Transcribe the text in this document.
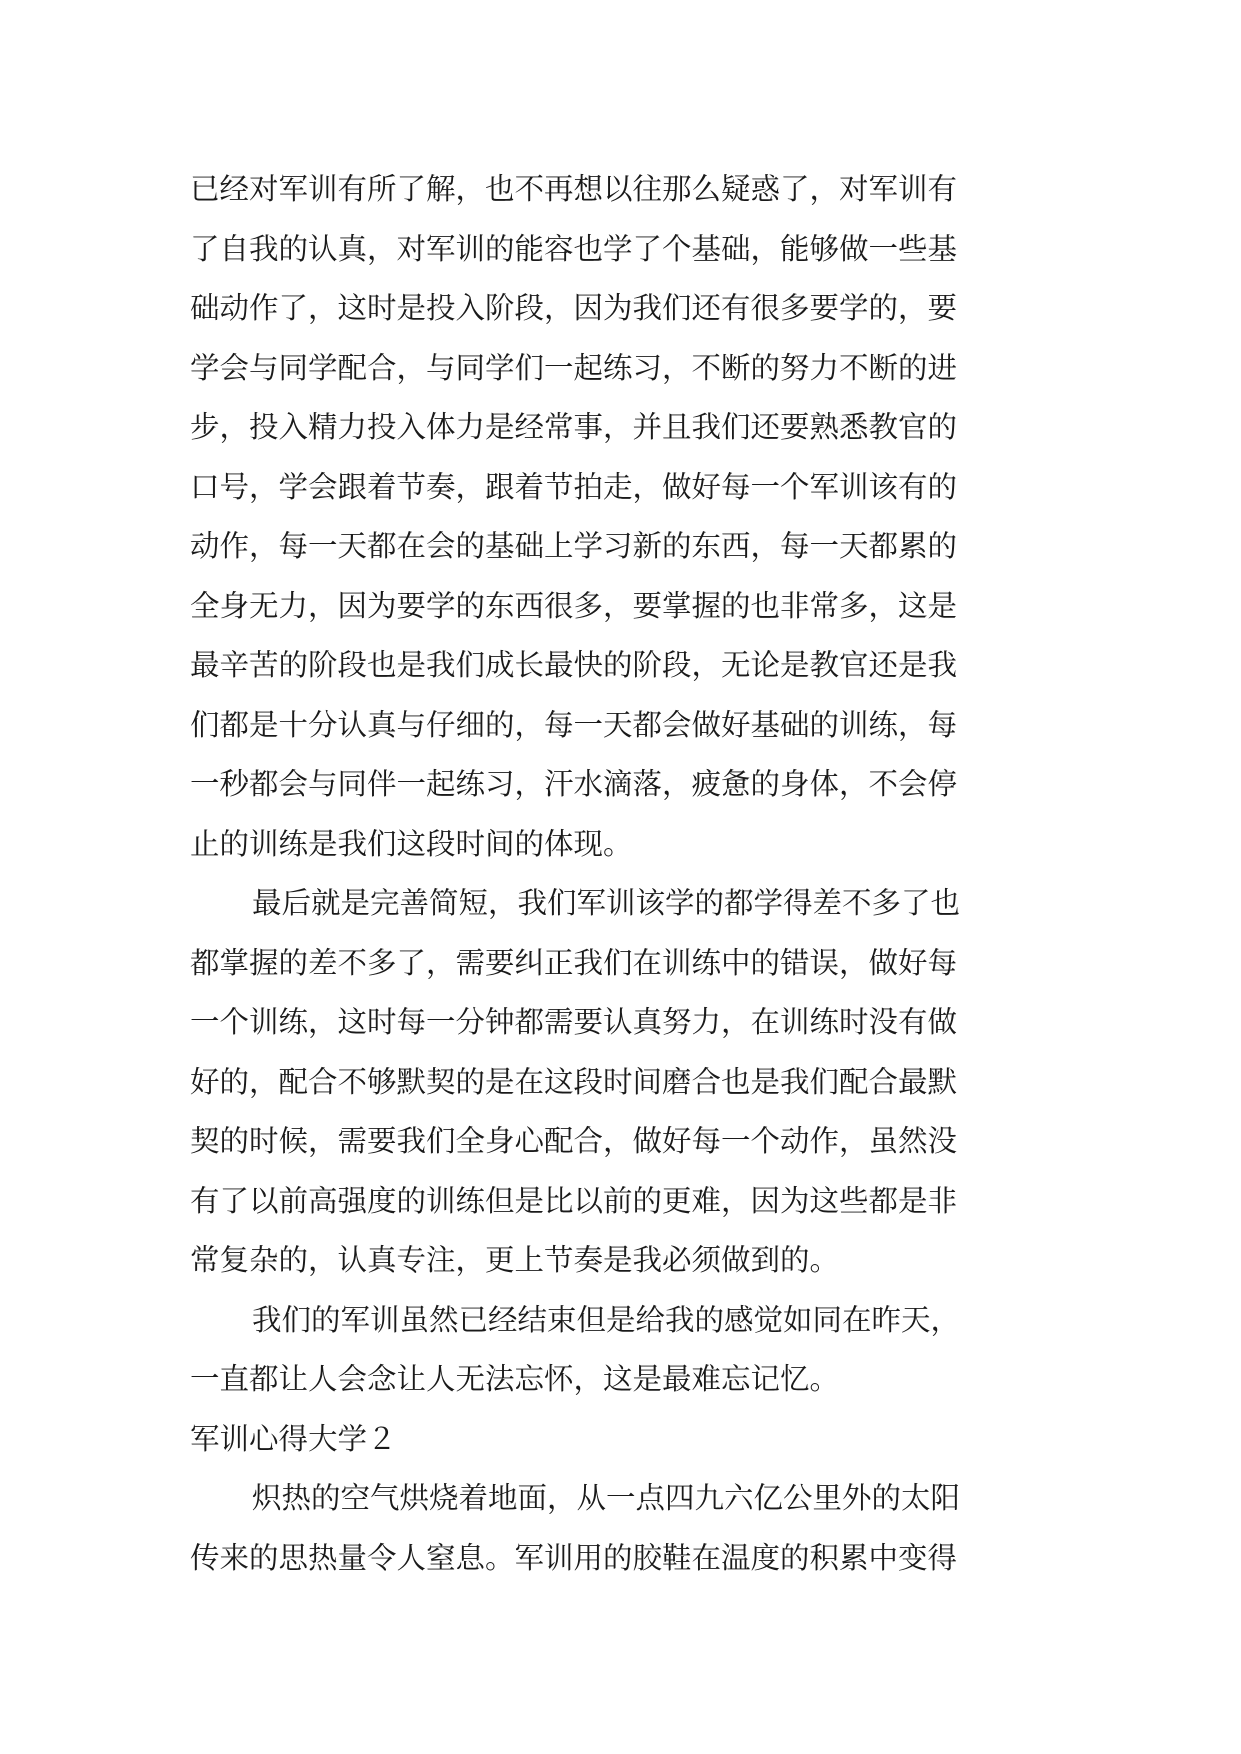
已经对军训有所了解，也不再想以往那么疑惑了，对军训有
了自我的认真，对军训的能容也学了个基础，能够做一些基
础动作了，这时是投入阶段，因为我们还有很多要学的，要
学会与同学配合，与同学们一起练习，不断的努力不断的进
步，投入精力投入体力是经常事，并且我们还要熟悉教官的
口号，学会跟着节奏，跟着节拍走，做好每一个军训该有的
动作，每一天都在会的基础上学习新的东西，每一天都累的
全身无力，因为要学的东西很多，要掌握的也非常多，这是
最辛苦的阶段也是我们成长最快的阶段，无论是教官还是我
们都是十分认真与仔细的，每一天都会做好基础的训练，每
一秒都会与同伴一起练习，汗水滴落，疲惫的身体，不会停
止的训练是我们这段时间的体现。
最后就是完善简短，我们军训该学的都学得差不多了也
都掌握的差不多了，需要纠正我们在训练中的错误，做好每
一个训练，这时每一分钟都需要认真努力，在训练时没有做
好的，配合不够默契的是在这段时间磨合也是我们配合最默
契的时候，需要我们全身心配合，做好每一个动作，虽然没
有了以前高强度的训练但是比以前的更难，因为这些都是非
常复杂的，认真专注，更上节奏是我必须做到的。
我们的军训虽然已经结束但是给我的感觉如同在昨天，
一直都让人会念让人无法忘怀，这是最难忘记忆。
军训心得大学２
炽热的空气烘烧着地面，从一点四九六亿公里外的太阳
传来的思热量令人窒息。军训用的胶鞋在温度的积累中变得
